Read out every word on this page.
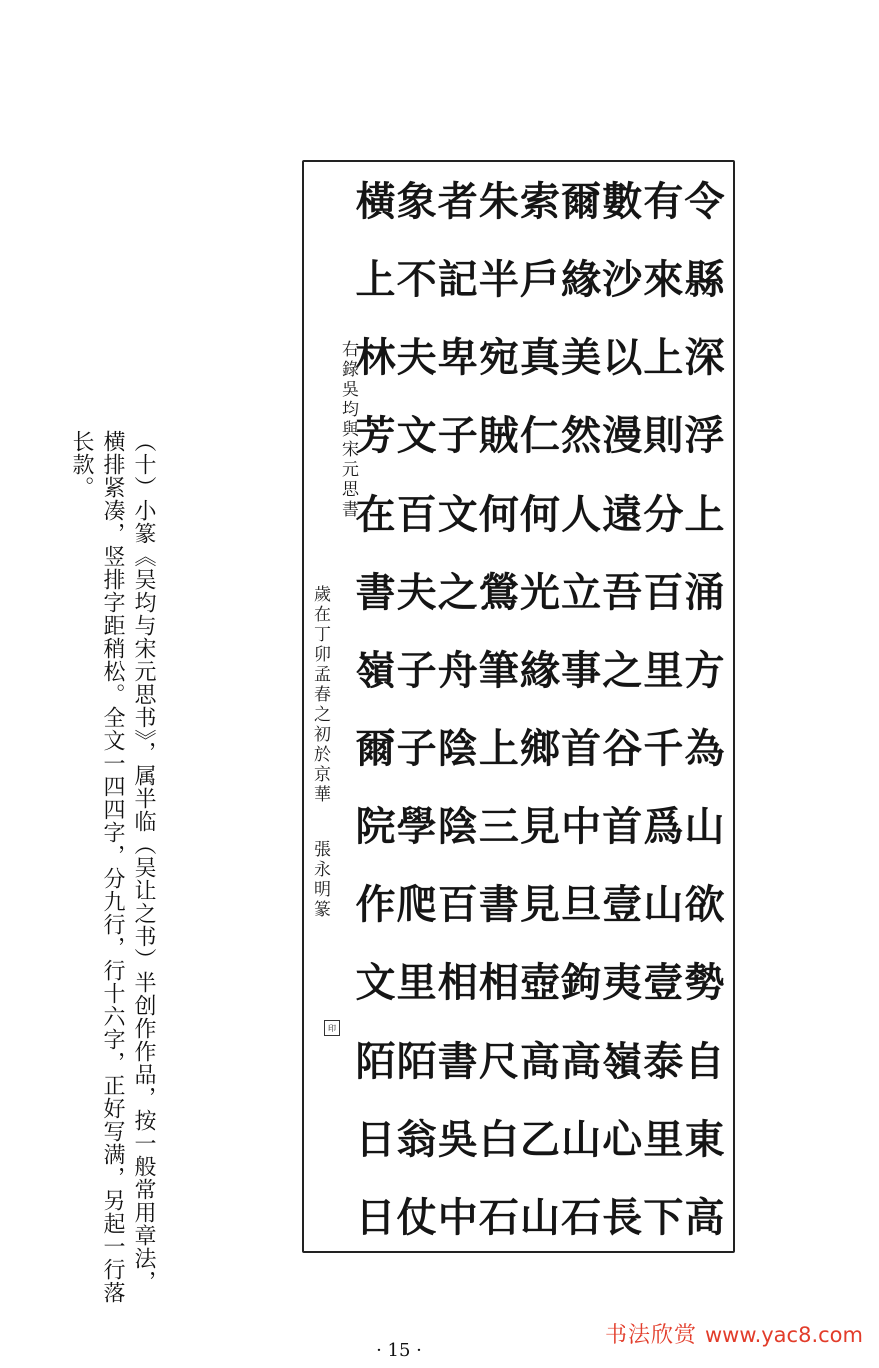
令
縣
深
浮
上
涌
方
為
山
欲
勢
自
東
高
有
來
上
則
分
百
里
千
爲
山
壹
泰
里
下
數
沙
以
漫
遠
吾
之
谷
首
壹
夷
嶺
心
長
爾
緣
美
然
人
立
事
首
中
旦
鉤
高
山
石
索
戶
真
仁
何
光
緣
鄉
見
見
壺
高
乙
山
朱
半
宛
賊
何
鶯
筆
上
三
書
相
尺
白
石
者
記
卑
子
文
之
舟
陰
陰
百
相
書
吳
中
象
不
夫
文
百
夫
子
子
學
爬
里
陌
翁
仗
橫
上
林
芳
在
書
嶺
爾
院
作
文
陌
日
日
右錄吳均與宋元思書
歲在丁卯孟春之初於京華
張永明篆
印
（十）小篆《吴均与宋元思书》，属半临（吴让之书）半创作作品，按一般常用章法，横排紧凑，竖排字距稍松。全文一四四字，分九行，行十六字，正好写满，另起一行落长款。
· 15 ·
书法欣赏 www.yac8.com
